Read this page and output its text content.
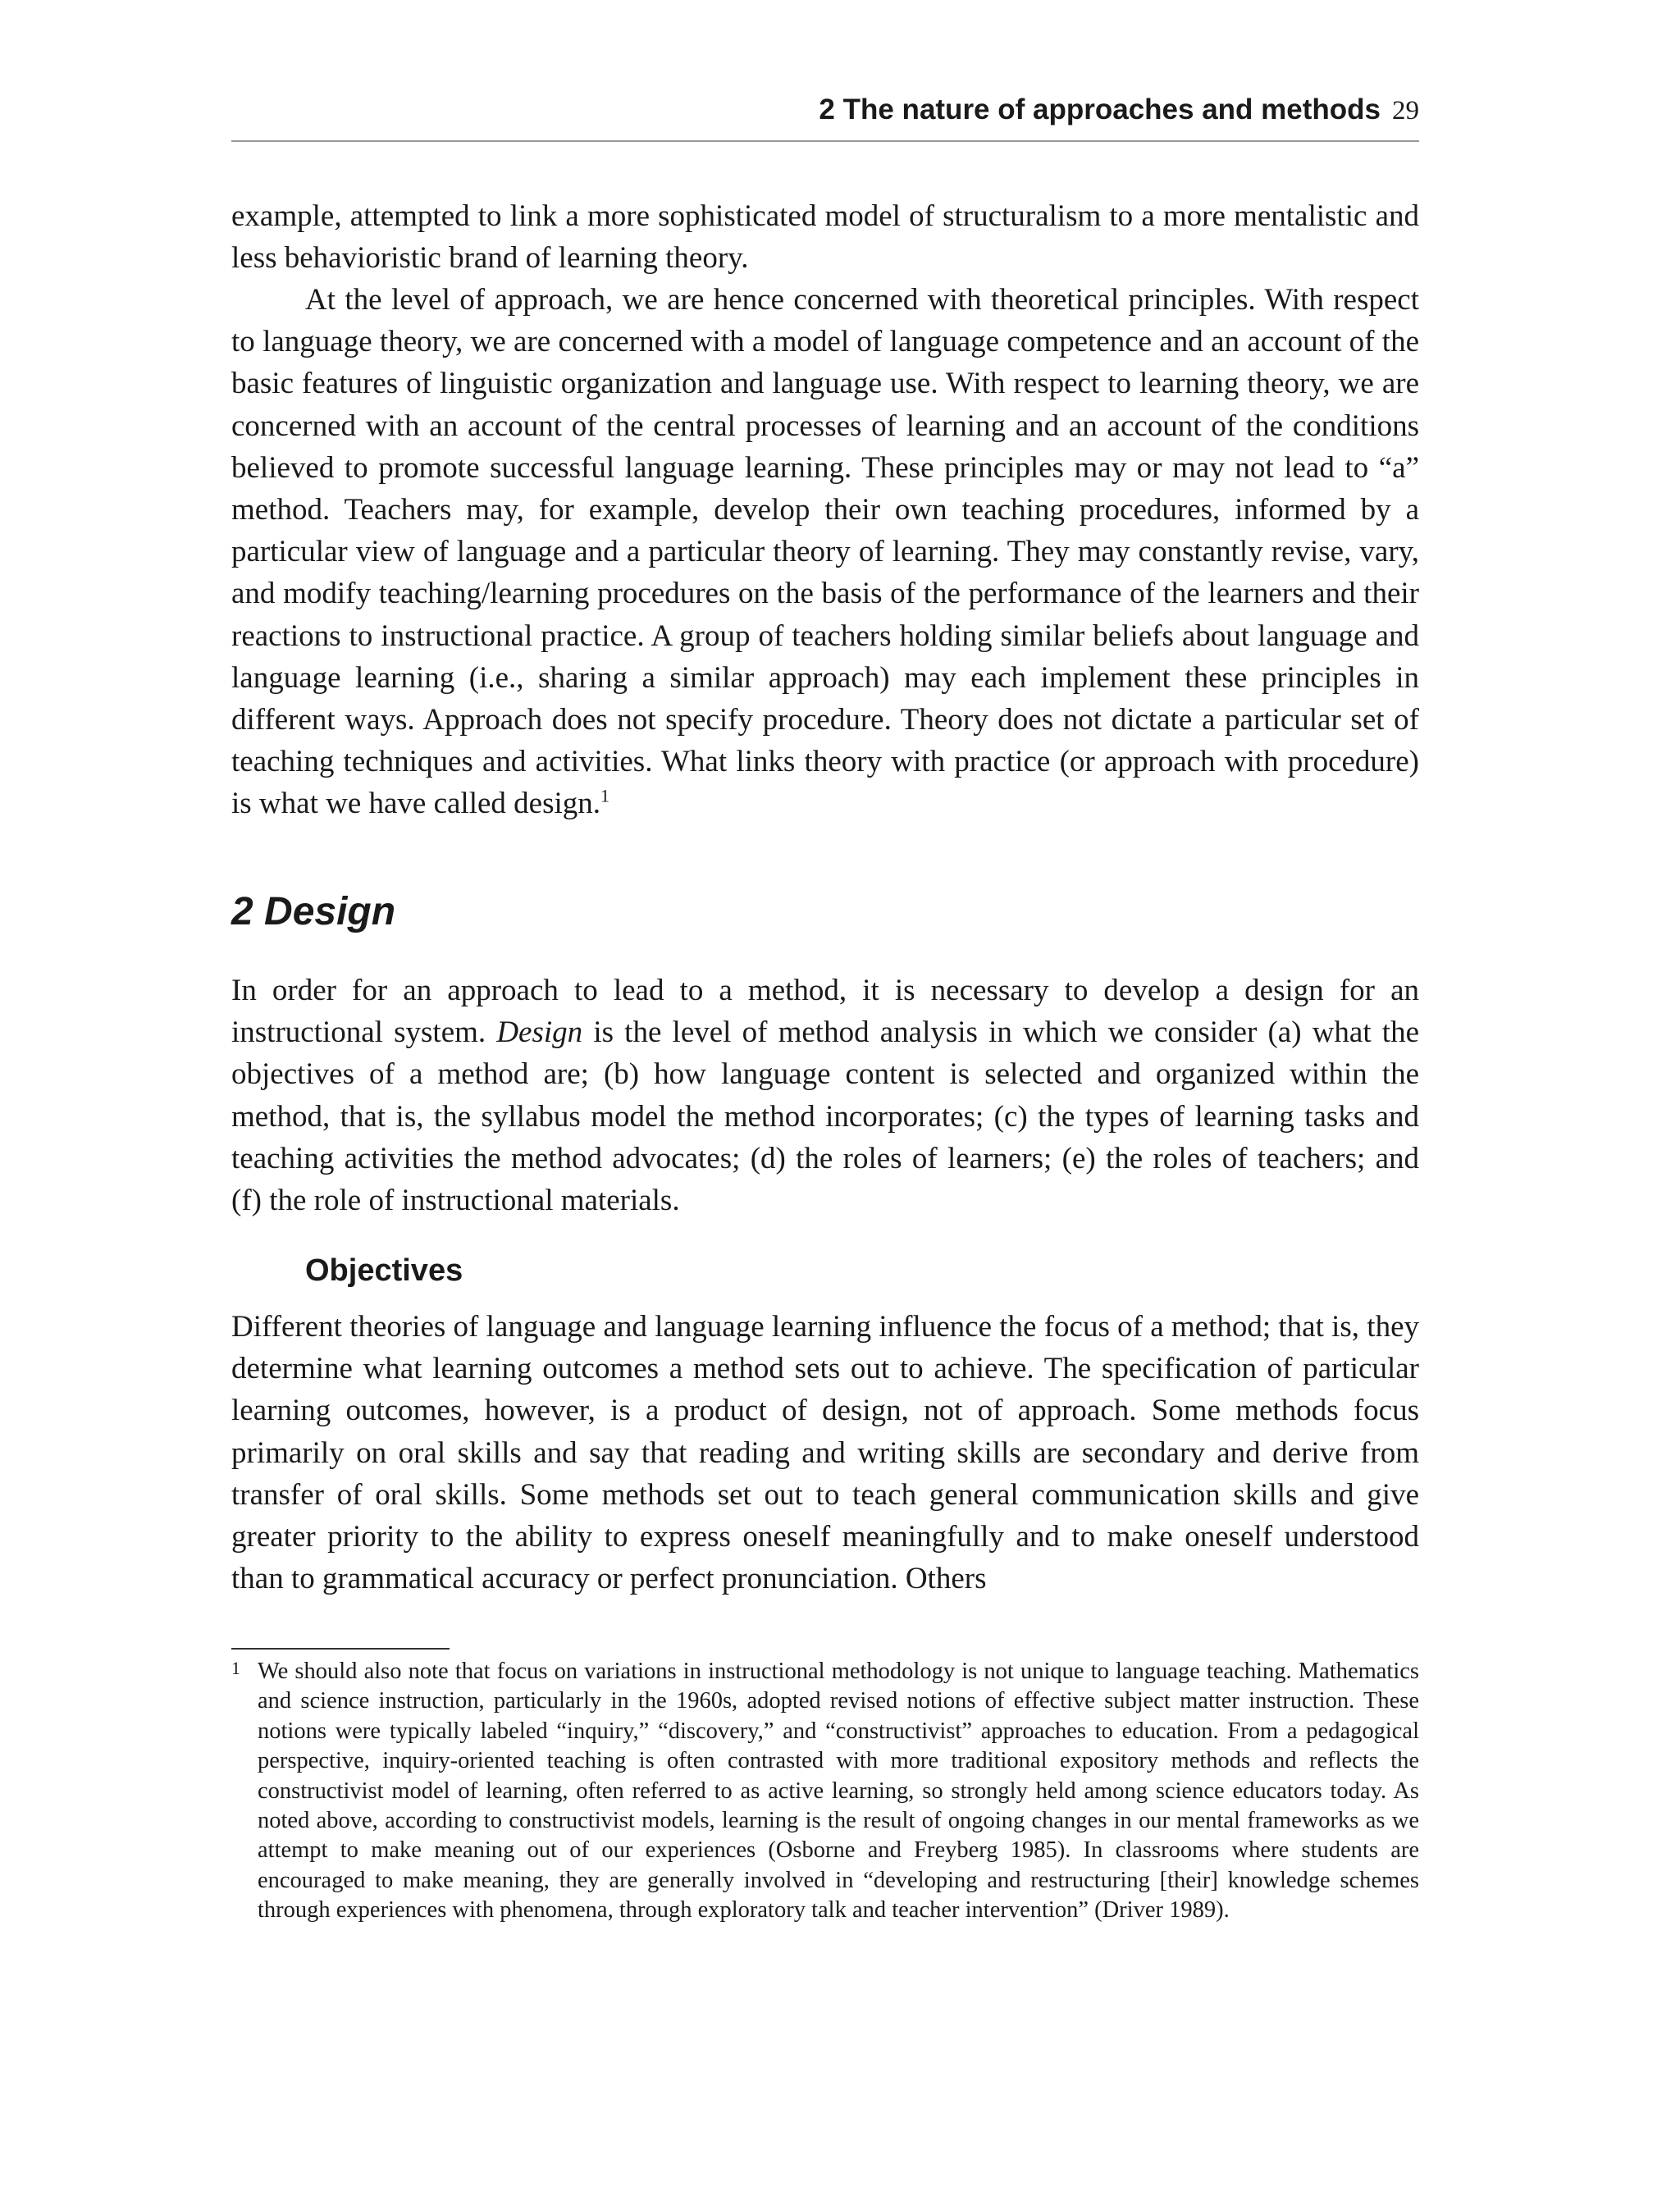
2 The nature of approaches and methods 29

example, attempted to link a more sophisticated model of structuralism to a more mentalistic and less behavioristic brand of learning theory.

At the level of approach, we are hence concerned with theoretical principles. With respect to language theory, we are concerned with a model of language competence and an account of the basic features of linguistic organization and language use. With respect to learning theory, we are concerned with an account of the central processes of learning and an account of the conditions believed to promote successful language learning. These principles may or may not lead to “a” method. Teachers may, for example, develop their own teaching procedures, informed by a particular view of language and a particular theory of learning. They may constantly revise, vary, and modify teaching/learning procedures on the basis of the performance of the learners and their reactions to instructional practice. A group of teachers holding similar beliefs about language and language learning (i.e., sharing a similar approach) may each implement these principles in different ways. Approach does not specify procedure. Theory does not dictate a particular set of teaching techniques and activities. What links theory with practice (or approach with procedure) is what we have called design.$^1$

2 Design

In order for an approach to lead to a method, it is necessary to develop a design for an instructional system. Design is the level of method analysis in which we consider (a) what the objectives of a method are; (b) how language content is selected and organized within the method, that is, the syllabus model the method incorporates; (c) the types of learning tasks and teaching activities the method advocates; (d) the roles of learners; (e) the roles of teachers; and (f) the role of instructional materials.

Objectives

Different theories of language and language learning influence the focus of a method; that is, they determine what learning outcomes a method sets out to achieve. The specification of particular learning outcomes, however, is a product of design, not of approach. Some methods focus primarily on oral skills and say that reading and writing skills are secondary and derive from transfer of oral skills. Some methods set out to teach general communication skills and give greater priority to the ability to express oneself meaningfully and to make oneself understood than to grammatical accuracy or perfect pronunciation. Others

1 We should also note that focus on variations in instructional methodology is not unique to language teaching. Mathematics and science instruction, particularly in the 1960s, adopted revised notions of effective subject matter instruction. These notions were typically labeled “inquiry,” “discovery,” and “constructivist” approaches to education. From a pedagogical perspective, inquiry-oriented teaching is often contrasted with more traditional expository methods and reflects the constructivist model of learning, often referred to as active learning, so strongly held among science educators today. As noted above, according to constructivist models, learning is the result of ongoing changes in our mental frameworks as we attempt to make meaning out of our experiences (Osborne and Freyberg 1985). In classrooms where students are encouraged to make meaning, they are generally involved in “developing and restructuring [their] knowledge schemes through experiences with phenomena, through exploratory talk and teacher intervention” (Driver 1989).
